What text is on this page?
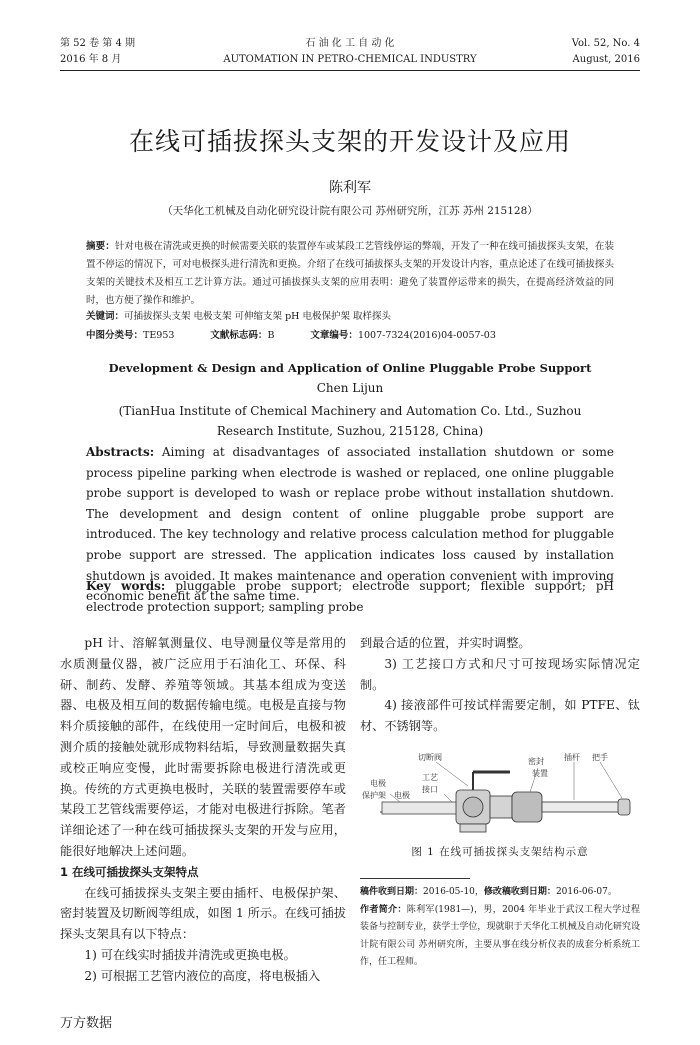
第 52 卷 第 4 期	石 油 化 工 自 动 化	Vol. 52, No. 4
2016 年 8 月	AUTOMATION IN PETRO-CHEMICAL INDUSTRY	August, 2016
在线可插拔探头支架的开发设计及应用
陈利军
（天华化工机械及自动化研究设计院有限公司 苏州研究所，江苏 苏州 215128）
摘要：针对电极在清洗或更换的时候需要关联的装置停车或某段工艺管线停运的弊端，开发了一种在线可插拔探头支架，在装置不停运的情况下，可对电极探头进行清洗和更换。介绍了在线可插拔探头支架的开发设计内容，重点论述了在线可插拔探头支架的关键技术及相互工艺计算方法。通过可插拔探头支架的应用表明：避免了装置停运带来的损失，在提高经济效益的同时，也方便了操作和维护。
关键词：可插拔探头支架 电极支架 可伸缩支架 pH 电极保护架 取样探头
中图分类号：TE953	文献标志码：B	文章编号：1007-7324(2016)04-0057-03
Development & Design and Application of Online Pluggable Probe Support
Chen Lijun
(TianHua Institute of Chemical Machinery and Automation Co. Ltd., Suzhou Research Institute, Suzhou, 215128, China)
Abstracts: Aiming at disadvantages of associated installation shutdown or some process pipeline parking when electrode is washed or replaced, one online pluggable probe support is developed to wash or replace probe without installation shutdown. The development and design content of online pluggable probe support are introduced. The key technology and relative process calculation method for pluggable probe support are stressed. The application indicates loss caused by installation shutdown is avoided. It makes maintenance and operation convenient with improving economic benefit at the same time.
Key words: pluggable probe support; electrode support; flexible support; pH electrode protection support; sampling probe

pH 计、溶解氧测量仪、电导测量仪等是常用的水质测量仪器，被广泛应用于石油化工、环保、科研、制药、发酵、养殖等领域。其基本组成为变送器、电极及相互间的数据传输电缆。电极是直接与物料介质接触的部件，在线使用一定时间后，电极和被测介质的接触处就形成物料结垢，导致测量数据失真或校正响应变慢，此时需要拆除电极进行清洗或更换。传统的方式更换电极时，关联的装置需要停车或某段工艺管线需要停运，才能对电极进行拆除。笔者详细论述了一种在线可插拔探头支架的开发与应用，能很好地解决上述问题。

1 在线可插拔探头支架特点

在线可插拔探头支架主要由插杆、电极保护架、密封装置及切断阀等组成，如图 1 所示。在线可插拔探头支架具有以下特点：

1) 可在线实时插拔并清洗或更换电极。

2) 可根据工艺管内液位的高度，将电极插入

到最合适的位置，并实时调整。

3) 工艺接口方式和尺寸可按现场实际情况定制。

4) 接液部件可按试样需要定制，如 PTFE、钛材、不锈钢等。

切断阀	密封
装置
插杆 把手
电极
保护架 电极
工艺
接口
图 1 在线可插拔探头支架结构示意
稿件收到日期：2016-05-10，修改稿收到日期：2016-06-07。
作者简介：陈利军(1981—)，男，2004 年毕业于武汉工程大学过程装备与控制专业，获学士学位，现就职于天华化工机械及自动化研究设计院有限公司 苏州研究所，主要从事在线分析仪表的成套分析系统工作，任工程师。
万方数据
